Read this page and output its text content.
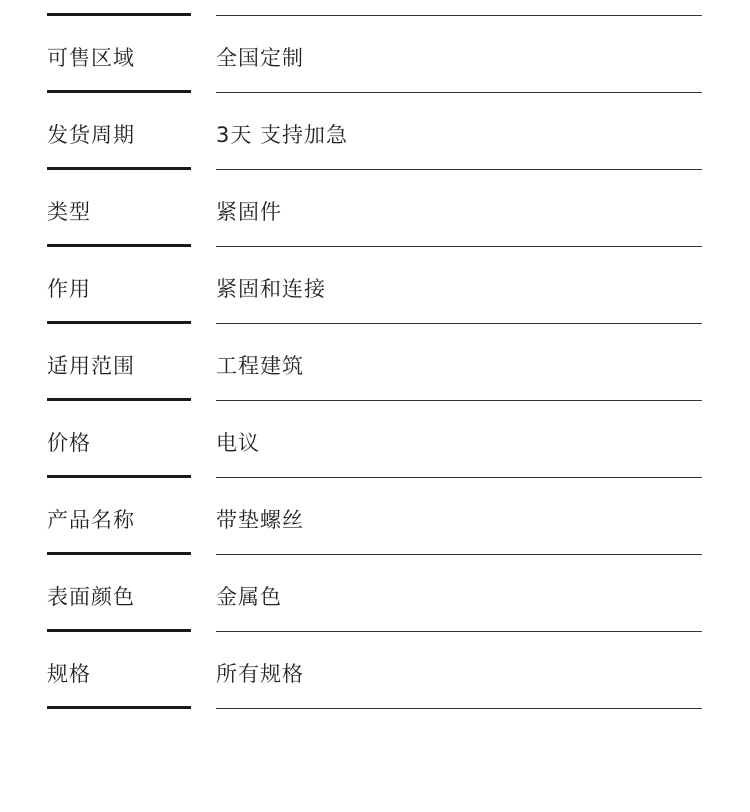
可售区域	全国定制
发货周期	3天 支持加急
类型	紧固件
作用	紧固和连接
适用范围	工程建筑
价格	电议
产品名称	带垫螺丝
表面颜色	金属色
规格	所有规格
